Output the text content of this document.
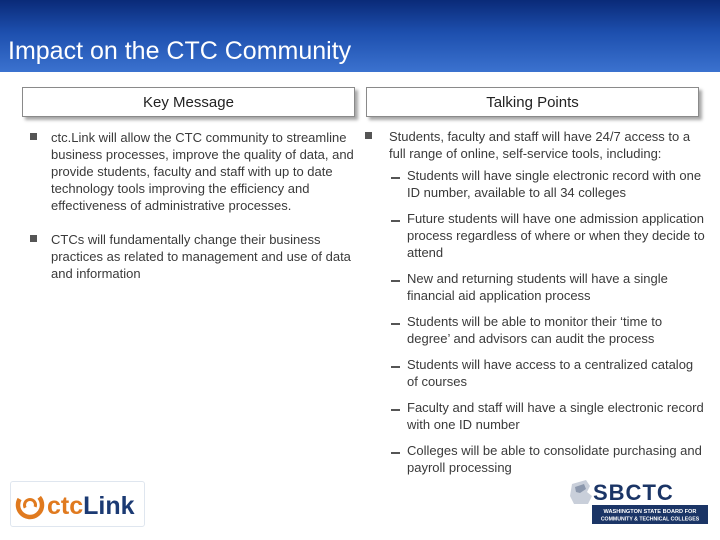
Impact on the CTC Community
Key Message	Talking Points
ctc.Link will allow the CTC community to streamline business processes, improve the quality of data, and provide students, faculty and staff with up to date technology tools improving the efficiency and effectiveness of administrative processes.
CTCs will fundamentally change their business practices as related to management and use of data and information
Students, faculty and staff will have 24/7 access to a full range of online, self-service tools, including:
Students will have single electronic record with one ID number, available to all 34 colleges
Future students will have one admission application process regardless of where or when they decide to attend
New and returning students will have a single financial aid application process
Students will be able to monitor their ‘time to degree’ and advisors can audit the process
Students will have access to a centralized catalog of courses
Faculty and staff will have a single electronic record with one ID number
Colleges will be able to consolidate purchasing and payroll processing
ctcLink	SBCTC
WASHINGTON STATE BOARD FOR
COMMUNITY & TECHNICAL COLLEGES
